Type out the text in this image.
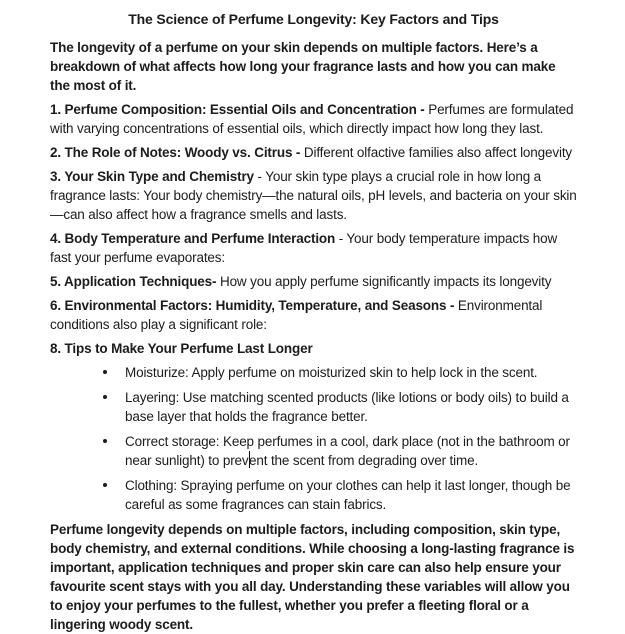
The Science of Perfume Longevity: Key Factors and Tips

The longevity of a perfume on your skin depends on multiple factors. Here’s a breakdown of what affects how long your fragrance lasts and how you can make the most of it.

1. Perfume Composition: Essential Oils and Concentration - Perfumes are formulated with varying concentrations of essential oils, which directly impact how long they last.

2. The Role of Notes: Woody vs. Citrus - Different olfactive families also affect longevity

3. Your Skin Type and Chemistry - Your skin type plays a crucial role in how long a fragrance lasts: Your body chemistry—the natural oils, pH levels, and bacteria on your skin—can also affect how a fragrance smells and lasts.

4. Body Temperature and Perfume Interaction - Your body temperature impacts how fast your perfume evaporates:

5. Application Techniques- How you apply perfume significantly impacts its longevity

6. Environmental Factors: Humidity, Temperature, and Seasons - Environmental conditions also play a significant role:

8. Tips to Make Your Perfume Last Longer

Moisturize: Apply perfume on moisturized skin to help lock in the scent.
Layering: Use matching scented products (like lotions or body oils) to build a base layer that holds the fragrance better.
Correct storage: Keep perfumes in a cool, dark place (not in the bathroom or near sunlight) to prevent the scent from degrading over time.
Clothing: Spraying perfume on your clothes can help it last longer, though be careful as some fragrances can stain fabrics.

Perfume longevity depends on multiple factors, including composition, skin type, body chemistry, and external conditions. While choosing a long-lasting fragrance is important, application techniques and proper skin care can also help ensure your favourite scent stays with you all day. Understanding these variables will allow you to enjoy your perfumes to the fullest, whether you prefer a fleeting floral or a lingering woody scent.
